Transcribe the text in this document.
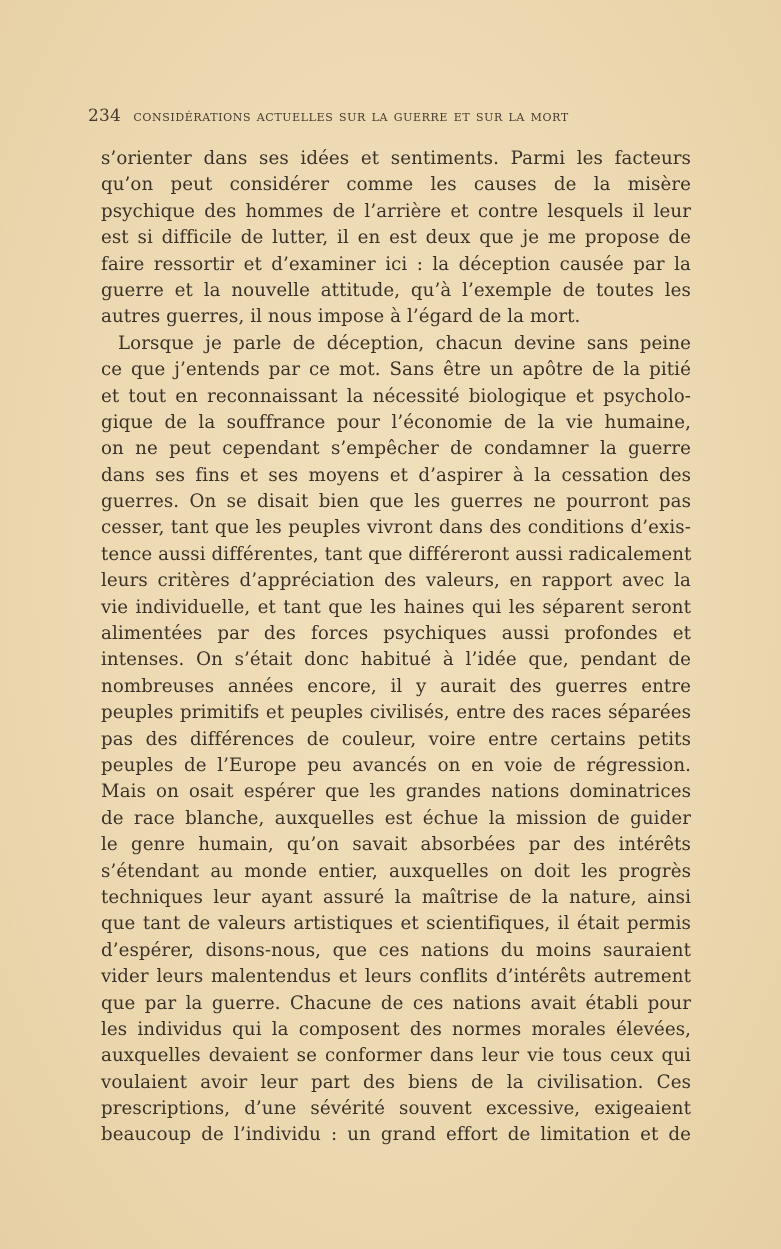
234 considérations actuelles sur la guerre et sur la mort
s’orienter dans ses idées et sentiments. Parmi les facteurs
qu’on peut considérer comme les causes de la misère
psychique des hommes de l’arrière et contre lesquels il leur
est si difficile de lutter, il en est deux que je me propose de
faire ressortir et d’examiner ici : la déception causée par la
guerre et la nouvelle attitude, qu’à l’exemple de toutes les
autres guerres, il nous impose à l’égard de la mort.
Lorsque je parle de déception, chacun devine sans peine
ce que j’entends par ce mot. Sans être un apôtre de la pitié
et tout en reconnaissant la nécessité biologique et psycholo-
gique de la souffrance pour l’économie de la vie humaine,
on ne peut cependant s’empêcher de condamner la guerre
dans ses fins et ses moyens et d’aspirer à la cessation des
guerres. On se disait bien que les guerres ne pourront pas
cesser, tant que les peuples vivront dans des conditions d’exis-
tence aussi différentes, tant que différeront aussi radicalement
leurs critères d’appréciation des valeurs, en rapport avec la
vie individuelle, et tant que les haines qui les séparent seront
alimentées par des forces psychiques aussi profondes et
intenses. On s’était donc habitué à l’idée que, pendant de
nombreuses années encore, il y aurait des guerres entre
peuples primitifs et peuples civilisés, entre des races séparées
pas des différences de couleur, voire entre certains petits
peuples de l’Europe peu avancés on en voie de régression.
Mais on osait espérer que les grandes nations dominatrices
de race blanche, auxquelles est échue la mission de guider
le genre humain, qu’on savait absorbées par des intérêts
s’étendant au monde entier, auxquelles on doit les progrès
techniques leur ayant assuré la maîtrise de la nature, ainsi
que tant de valeurs artistiques et scientifiques, il était permis
d’espérer, disons-nous, que ces nations du moins sauraient
vider leurs malentendus et leurs conflits d’intérêts autrement
que par la guerre. Chacune de ces nations avait établi pour
les individus qui la composent des normes morales élevées,
auxquelles devaient se conformer dans leur vie tous ceux qui
voulaient avoir leur part des biens de la civilisation. Ces
prescriptions, d’une sévérité souvent excessive, exigeaient
beaucoup de l’individu : un grand effort de limitation et de
